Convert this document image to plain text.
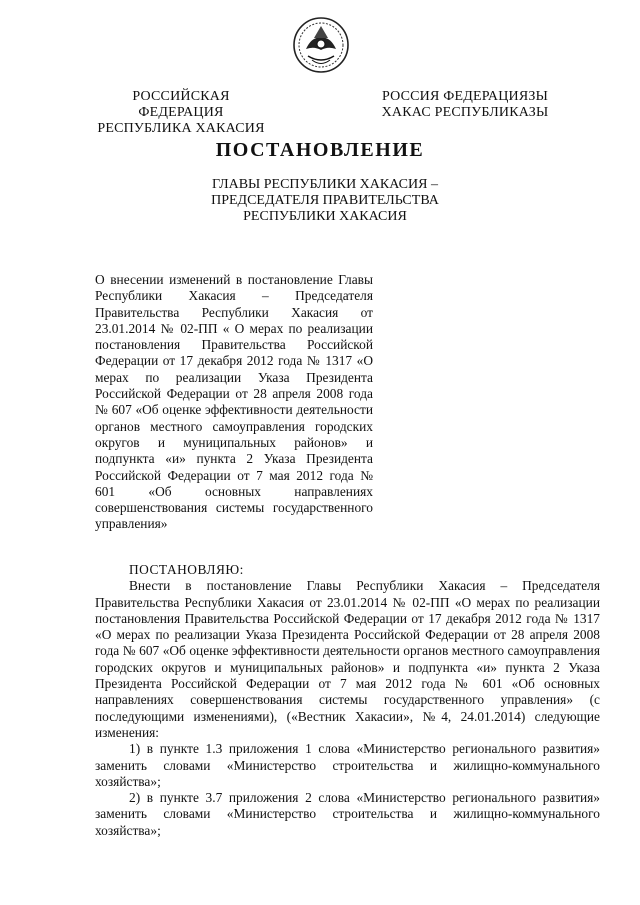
РОССИЙСКАЯ ФЕДЕРАЦИЯ
РЕСПУБЛИКА ХАКАСИЯ
РОССИЯ ФЕДЕРАЦИЯЗЫ
ХАКАС РЕСПУБЛИКАЗЫ
ПОСТАНОВЛЕНИЕ
ГЛАВЫ РЕСПУБЛИКИ ХАКАСИЯ –
ПРЕДСЕДАТЕЛЯ ПРАВИТЕЛЬСТВА
РЕСПУБЛИКИ ХАКАСИЯ
О внесении изменений в постановление Главы Республики Хакасия – Председателя Правительства Республики Хакасия от 23.01.2014 № 02-ПП « О мерах по реализации постановления Правительства Российской Федерации от 17 декабря 2012 года № 1317 «О мерах по реализации Указа Президента Российской Федерации от 28 апреля 2008 года № 607 «Об оценке эффективности деятельности органов местного самоуправления городских округов и муниципальных районов» и подпункта «и» пункта 2 Указа Президента Российской Федерации от 7 мая 2012 года № 601 «Об основных направлениях совершенствования системы государственного управления»

ПОСТАНОВЛЯЮ:

Внести в постановление Главы Республики Хакасия – Председателя Правительства Республики Хакасия от 23.01.2014 № 02-ПП «О мерах по реализации постановления Правительства Российской Федерации от 17 декабря 2012 года № 1317 «О мерах по реализации Указа Президента Российской Федерации от 28 апреля 2008 года № 607 «Об оценке эффективности деятельности органов местного самоуправления городских округов и муниципальных районов» и подпункта «и» пункта 2 Указа Президента Российской Федерации от 7 мая 2012 года № 601 «Об основных направлениях совершенствования системы государственного управления» (с последующими изменениями), («Вестник Хакасии», №4, 24.01.2014) следующие изменения:

1) в пункте 1.3 приложения 1 слова «Министерство регионального развития» заменить словами «Министерство строительства и жилищно-коммунального хозяйства»;

2) в пункте 3.7 приложения 2 слова «Министерство регионального развития» заменить словами «Министерство строительства и жилищно-коммунального хозяйства»;
